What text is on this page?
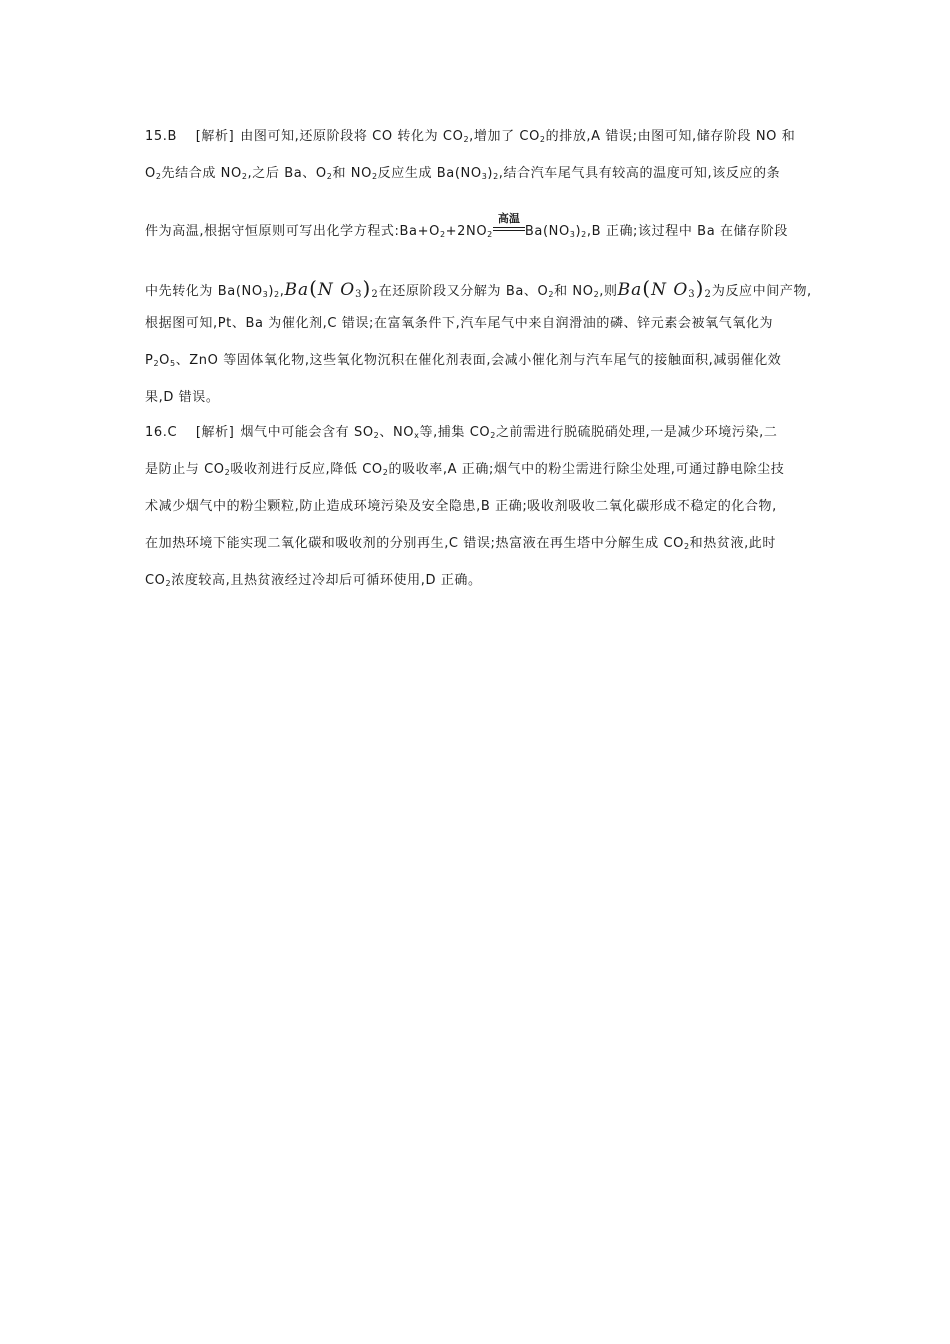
15.B [解析] 由图可知,还原阶段将 CO 转化为 $CO_2$,增加了 $CO_2$的排放,A 错误;由图可知,储存阶段 NO 和
$O_2$先结合成 $NO_2$,之后 Ba、$O_2$和 $NO_2$反应生成 $Ba(NO_3)_2$,结合汽车尾气具有较高的温度可知,该反应的条
件为高温,根据守恒原则可写出化学方程式$:Ba+O_2+2NO_2$
高温
$Ba(NO_3)_2,B$ 正确;该过程中 Ba 在储存阶段
中先转化为 $Ba(NO_3)_2,Ba(N$ $O_3)_2$在还原阶段又分解为 Ba、$O_2$和 $NO_2$,则Ba(N $O_3)_2$为反应中间产物,
根据图可知,Pt、Ba 为催化剂,C 错误;在富氧条件下,汽车尾气中来自润滑油的磷、锌元素会被氧气氧化为
$P_2O_5$、ZnO 等固体氧化物,这些氧化物沉积在催化剂表面,会减小催化剂与汽车尾气的接触面积,减弱催化效
果,D 错误。
16.C [解析] 烟气中可能会含有 $SO_2$、$NO_x$等,捕集 $CO_2$之前需进行脱硫脱硝处理,一是减少环境污染,二
是防止与 $CO_2$吸收剂进行反应,降低 $CO_2$的吸收率,A 正确;烟气中的粉尘需进行除尘处理,可通过静电除尘技
术减少烟气中的粉尘颗粒,防止造成环境污染及安全隐患,B 正确;吸收剂吸收二氧化碳形成不稳定的化合物,
在加热环境下能实现二氧化碳和吸收剂的分别再生,C 错误;热富液在再生塔中分解生成 $CO_2$和热贫液,此时
$CO_2$浓度较高,且热贫液经过冷却后可循环使用,D 正确。
